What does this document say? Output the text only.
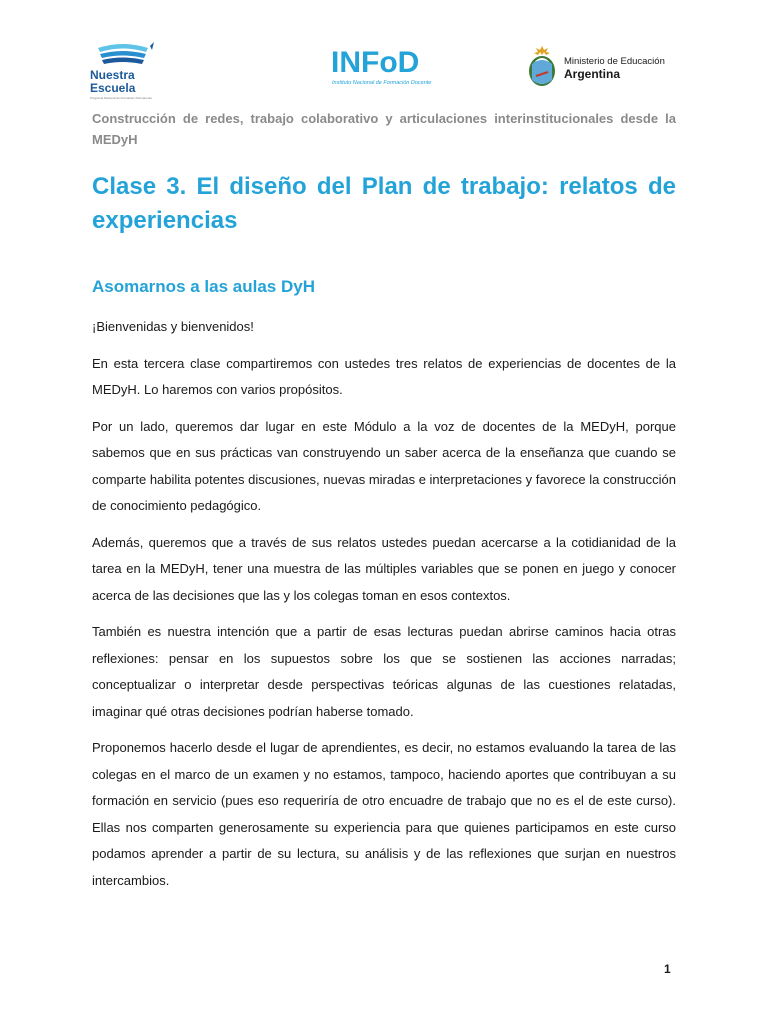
Nuestra
Escuela
Programa Nacional de Formación Permanente
INFoD
Instituto Nacional de Formación Docente
Ministerio de Educación
Argentina

Construcción de redes, trabajo colaborativo y articulaciones interinstitucionales desde la MEDyH

Clase 3. El diseño del Plan de trabajo: relatos de experiencias
Asomarnos a las aulas DyH

¡Bienvenidas y bienvenidos!

En esta tercera clase compartiremos con ustedes tres relatos de experiencias de docentes de la MEDyH. Lo haremos con varios propósitos.

Por un lado, queremos dar lugar en este Módulo a la voz de docentes de la MEDyH, porque sabemos que en sus prácticas van construyendo un saber acerca de la enseñanza que cuando se comparte habilita potentes discusiones, nuevas miradas e interpretaciones y favorece la construcción de conocimiento pedagógico.

Además, queremos que a través de sus relatos ustedes puedan acercarse a la cotidianidad de la tarea en la MEDyH, tener una muestra de las múltiples variables que se ponen en juego y conocer acerca de las decisiones que las y los colegas toman en esos contextos.

También es nuestra intención que a partir de esas lecturas puedan abrirse caminos hacia otras reflexiones: pensar en los supuestos sobre los que se sostienen las acciones narradas; conceptualizar o interpretar desde perspectivas teóricas algunas de las cuestiones relatadas, imaginar qué otras decisiones podrían haberse tomado.

Proponemos hacerlo desde el lugar de aprendientes, es decir, no estamos evaluando la tarea de las colegas en el marco de un examen y no estamos, tampoco, haciendo aportes que contribuyan a su formación en servicio (pues eso requeriría de otro encuadre de trabajo que no es el de este curso). Ellas nos comparten generosamente su experiencia para que quienes participamos en este curso podamos aprender a partir de su lectura, su análisis y de las reflexiones que surjan en nuestros intercambios.

1
